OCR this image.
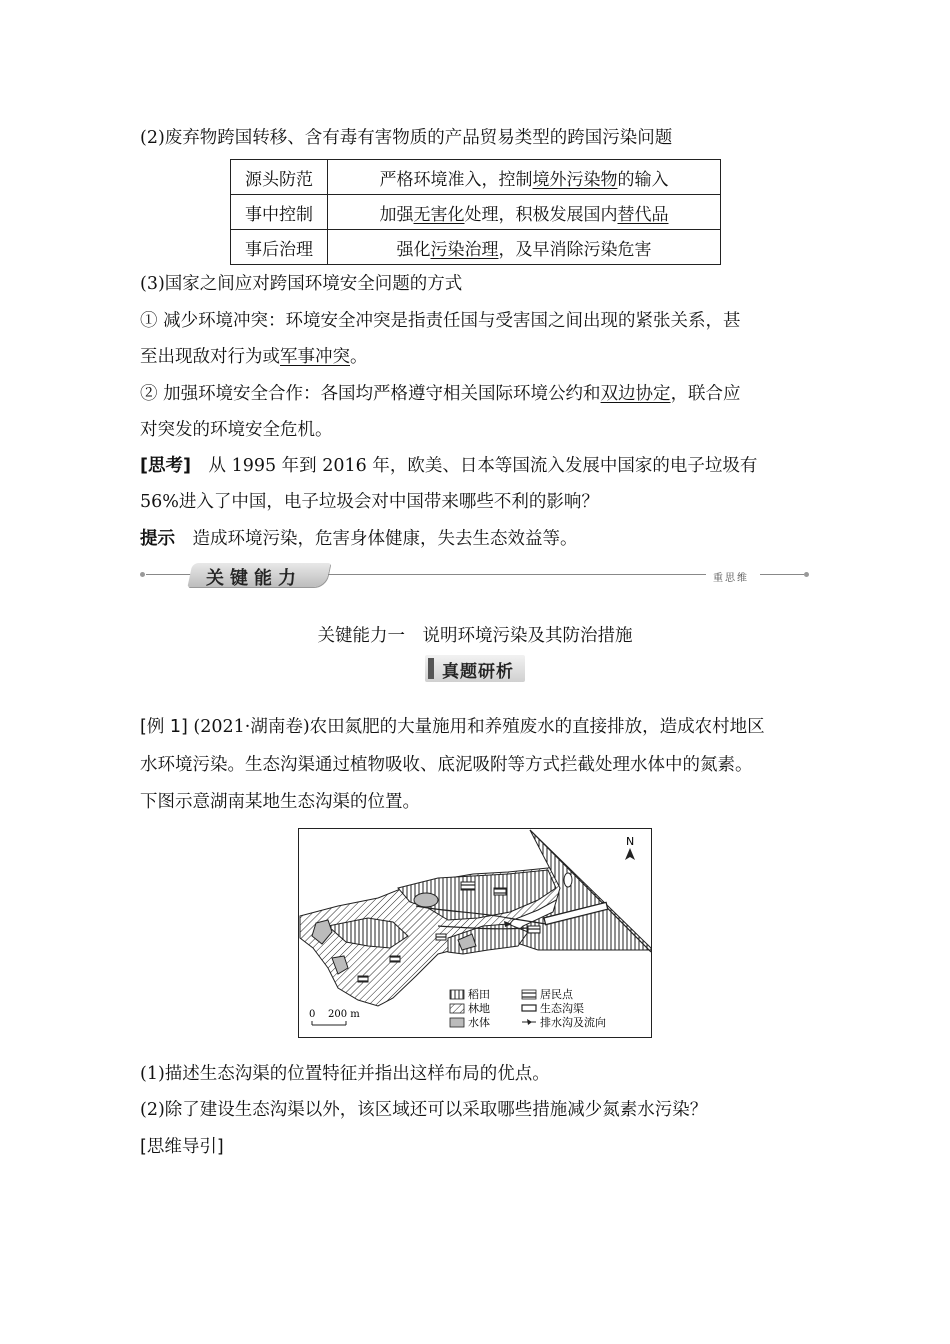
(2)废弃物跨国转移、含有毒有害物质的产品贸易类型的跨国污染问题
源头防范	严格环境准入，控制境外污染物的输入
事中控制	加强无害化处理，积极发展国内替代品
事后治理	强化污染治理，及早消除污染危害
(3)国家之间应对跨国环境安全问题的方式
① 减少环境冲突：环境安全冲突是指责任国与受害国之间出现的紧张关系，甚
至出现敌对行为或军事冲突。
② 加强环境安全合作：各国均严格遵守相关国际环境公约和双边协定，联合应
对突发的环境安全危机。
[思考]　从 1995 年到 2016 年，欧美、日本等国流入发展中国家的电子垃圾有
56%进入了中国，电子垃圾会对中国带来哪些不利的影响？
提示　造成环境污染，危害身体健康，失去生态效益等。
关键能力	重思维
关键能力一　说明环境污染及其防治措施
真题研析
[例 1] (2021·湖南卷)农田氮肥的大量施用和养殖废水的直接排放，造成农村地区
水环境污染。生态沟渠通过植物吸收、底泥吸附等方式拦截处理水体中的氮素。
下图示意湖南某地生态沟渠的位置。
N
0 200 m
稻田	居民点
林地	生态沟渠
水体	排水沟及流向
(1)描述生态沟渠的位置特征并指出这样布局的优点。
(2)除了建设生态沟渠以外，该区域还可以采取哪些措施减少氮素水污染？
[思维导引]
